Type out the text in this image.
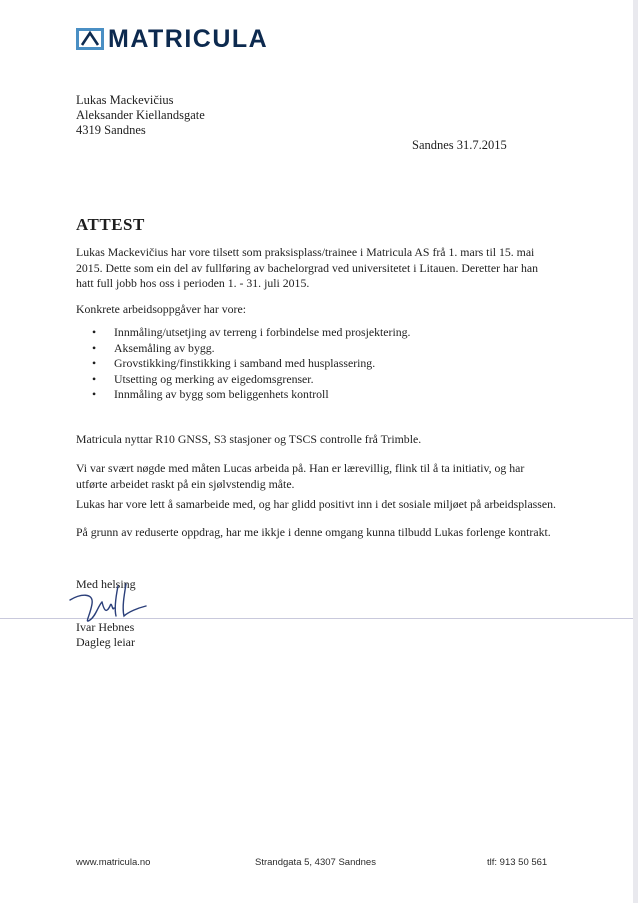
MATRICULA
Lukas Mackevičius
Aleksander Kiellandsgate
4319 Sandnes
Sandnes 31.7.2015
ATTEST
Lukas Mackevičius har vore tilsett som praksisplass/trainee i Matricula AS frå 1. mars til 15. mai 2015. Dette som ein del av fullføring av bachelorgrad ved universitetet i Litauen. Deretter har han hatt full jobb hos oss i perioden 1. - 31. juli 2015.
Konkrete arbeidsoppgåver har vore:
• Innmåling/utsetjing av terreng i forbindelse med prosjektering.
• Aksemåling av bygg.
• Grovstikking/finstikking i samband med husplassering.
• Utsetting og merking av eigedomsgrenser.
• Innmåling av bygg som beliggenhets kontroll
Matricula nyttar R10 GNSS, S3 stasjoner og TSCS controlle frå Trimble.
Vi var svært nøgde med måten Lucas arbeida på. Han er lærevillig, flink til å ta initiativ, og har utførte arbeidet raskt på ein sjølvstendig måte.
Lukas har vore lett å samarbeide med, og har glidd positivt inn i det sosiale miljøet på arbeidsplassen.
På grunn av reduserte oppdrag, har me ikkje i denne omgang kunna tilbudd Lukas forlenge kontrakt.
Med helsing
Ivar Hebnes
Dagleg leiar
www.matricula.no	Strandgata 5, 4307 Sandnes	tlf: 913 50 561
